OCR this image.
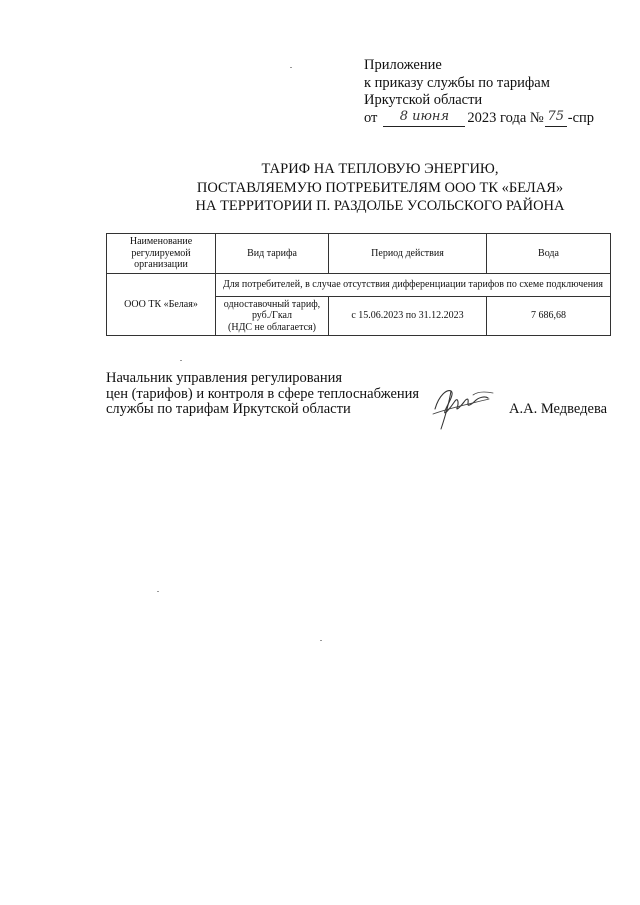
Приложение
к приказу службы по тарифам
Иркутской области
от 8 июня 2023 года № 75 -спр
ТАРИФ НА ТЕПЛОВУЮ ЭНЕРГИЮ,
ПОСТАВЛЯЕМУЮ ПОТРЕБИТЕЛЯМ ООО ТК «БЕЛАЯ»
НА ТЕРРИТОРИИ П. РАЗДОЛЬЕ УСОЛЬСКОГО РАЙОНА
Наименование регулируемой организации	Вид тарифа	Период действия	Вода
ООО ТК «Белая»	Для потребителей, в случае отсутствия дифференциации тарифов по схеме подключения		

	одноставочный тариф,
руб./Гкал
(НДС не облагается)	с 15.06.2023 по 31.12.2023	7 686,68
Начальник управления регулирования
цен (тарифов) и контроля в сфере теплоснабжения
службы по тарифам Иркутской области	А.А. Медведева
